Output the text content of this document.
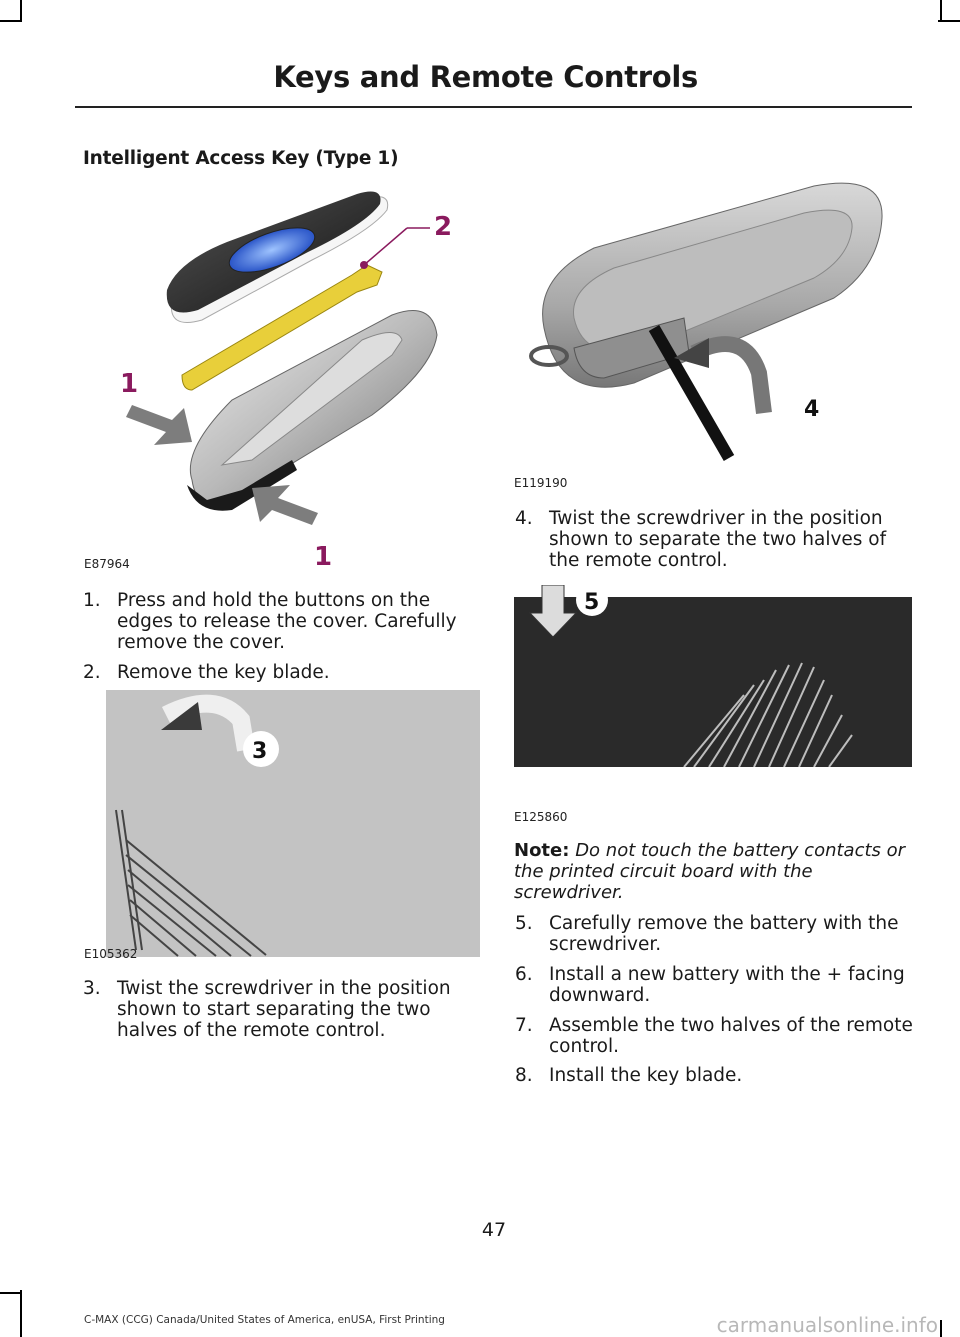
Keys and Remote Controls
Intelligent Access Key (Type 1)
2
1
1
E87964
4
E119190
1. Press and hold the buttons on the
edges to release the cover. Carefully
remove the cover.
2. Remove the key blade.
3
E105362
3. Twist the screwdriver in the position
shown to start separating the two
halves of the remote control.
4. Twist the screwdriver in the position
shown to separate the two halves of
the remote control.
5
E125860
Note: Do not touch the battery contacts or
the printed circuit board with the
screwdriver.
5. Carefully remove the battery with the
screwdriver.
6. Install a new battery with the + facing
downward.
7. Assemble the two halves of the remote
control.
8. Install the key blade.
47
C-MAX (CCG) Canada/United States of America, enUSA, First Printing	carmanualsonline.info
